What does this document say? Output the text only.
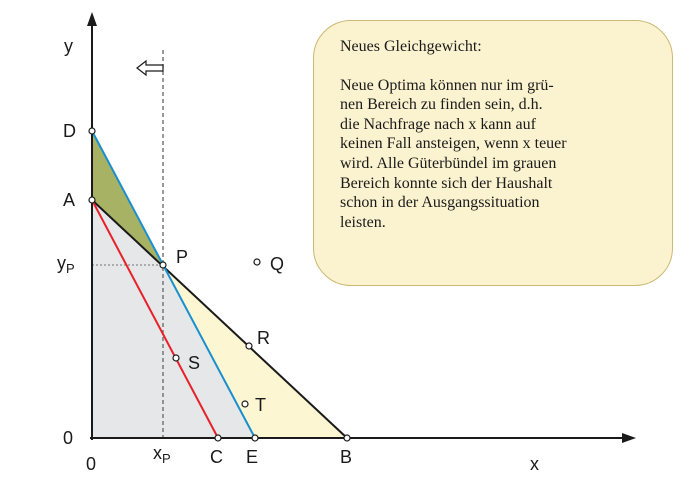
y
x
0
0
$y_P$
$x_P$
D
A
P	Q
R
S
T
C E	B

Neues Gleichgewicht:

Neue Optima können nur im grü-
nen Bereich zu finden sein, d.h.
die Nachfrage nach x kann auf
keinen Fall ansteigen, wenn x teuer
wird. Alle Güterbündel im grauen
Bereich konnte sich der Haushalt
schon in der Ausgangssituation
leisten.
